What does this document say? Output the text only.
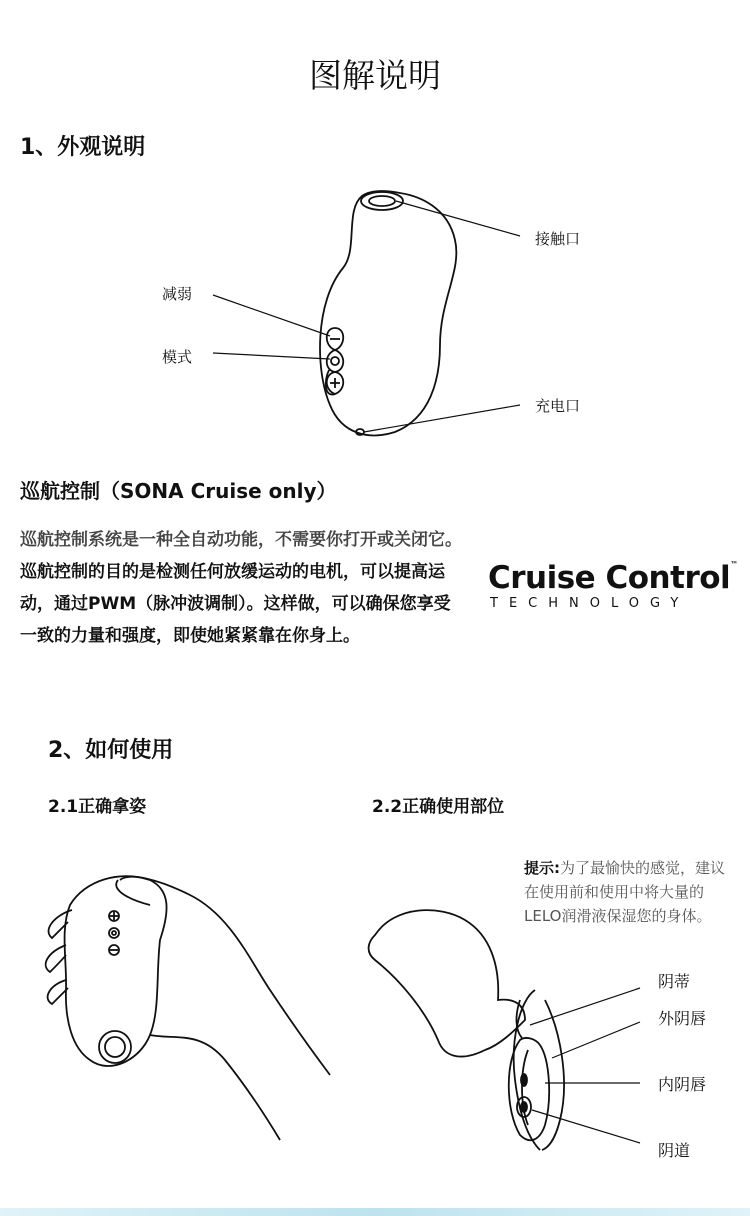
图解说明
1、外观说明
接触口
减弱
模式
充电口
巡航控制（SONA Cruise only）
巡航控制系统是一种全自动功能，不需要你打开或关闭它。巡航控制的目的是检测任何放缓运动的电机，可以提高运动，通过PWM（脉冲波调制）。这样做，可以确保您享受一致的力量和强度，即使她紧紧靠在你身上。
Cruise Control™
TECHNOLOGY
2、如何使用
2.1正确拿姿	2.2正确使用部位
提示:为了最愉快的感觉，建议在使用前和使用中将大量的LELO润滑液保湿您的身体。
阴蒂
外阴唇
内阴唇
阴道
